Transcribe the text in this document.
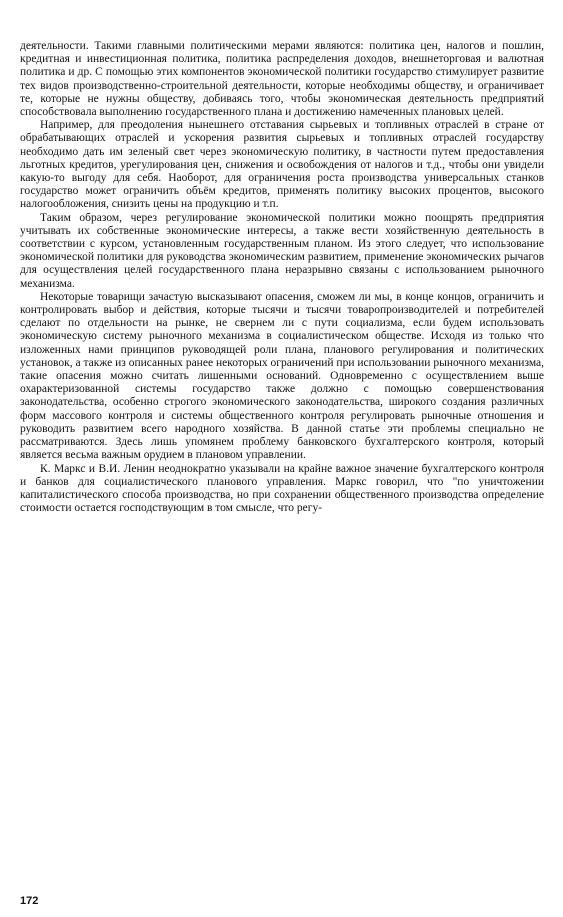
деятельности. Такими главными политическими мерами являются: политика цен, налогов и пошлин, кредитная и инвестиционная политика, политика распределения доходов, внешнеторговая и валютная политика и др. С помощью этих компонентов экономической политики государство стимулирует развитие тех видов производственно-строительной деятельности, которые необходимы обществу, и ограничивает те, которые не нужны обществу, добиваясь того, чтобы экономическая деятельность предприятий способствовала выполнению государственного плана и достижению намеченных плановых целей.

Например, для преодоления нынешнего отставания сырьевых и топливных отраслей в стране от обрабатывающих отраслей и ускорения развития сырьевых и топливных отраслей государству необходимо дать им зеленый свет через экономическую политику, в частности путем предоставления льготных кредитов, урегулирования цен, снижения и освобождения от налогов и т.д., чтобы они увидели какую-то выгоду для себя. Наоборот, для ограничения роста производства универсальных станков государство может ограничить объём кредитов, применять политику высоких процентов, высокого налогообложения, снизить цены на продукцию и т.п.

Таким образом, через регулирование экономической политики можно поощрять предприятия учитывать их собственные экономические интересы, а также вести хозяйственную деятельность в соответствии с курсом, установленным государственным планом. Из этого следует, что использование экономической политики для руководства экономическим развитием, применение экономических рычагов для осуществления целей государственного плана неразрывно связаны с использованием рыночного механизма.

Некоторые товарищи зачастую высказывают опасения, сможем ли мы, в конце концов, ограничить и контролировать выбор и действия, которые тысячи и тысячи товаропроизводителей и потребителей сделают по отдельности на рынке, не свернем ли с пути социализма, если будем использовать экономическую систему рыночного механизма в социалистическом обществе. Исходя из только что изложенных нами принципов руководящей роли плана, планового регулирования и политических установок, а также из описанных ранее некоторых ограничений при использовании рыночного механизма, такие опасения можно считать лишенными оснований. Одновременно с осуществлением выше охарактеризованной системы государство также должно с помощью совершенствования законодательства, особенно строгого экономического законодательства, широкого создания различных форм массового контроля и системы общественного контроля регулировать рыночные отношения и руководить развитием всего народного хозяйства. В данной статье эти проблемы специально не рассматриваются. Здесь лишь упомянем проблему банковского бухгалтерского контроля, который является весьма важным орудием в плановом управлении.

К. Маркс и В.И. Ленин неоднократно указывали на крайне важное значение бухгалтерского контроля и банков для социалистического планового управления. Маркс говорил, что "по уничтожении капиталистического способа производства, но при сохранении общественного производства определение стоимости остается господствующим в том смысле, что регу-

172
